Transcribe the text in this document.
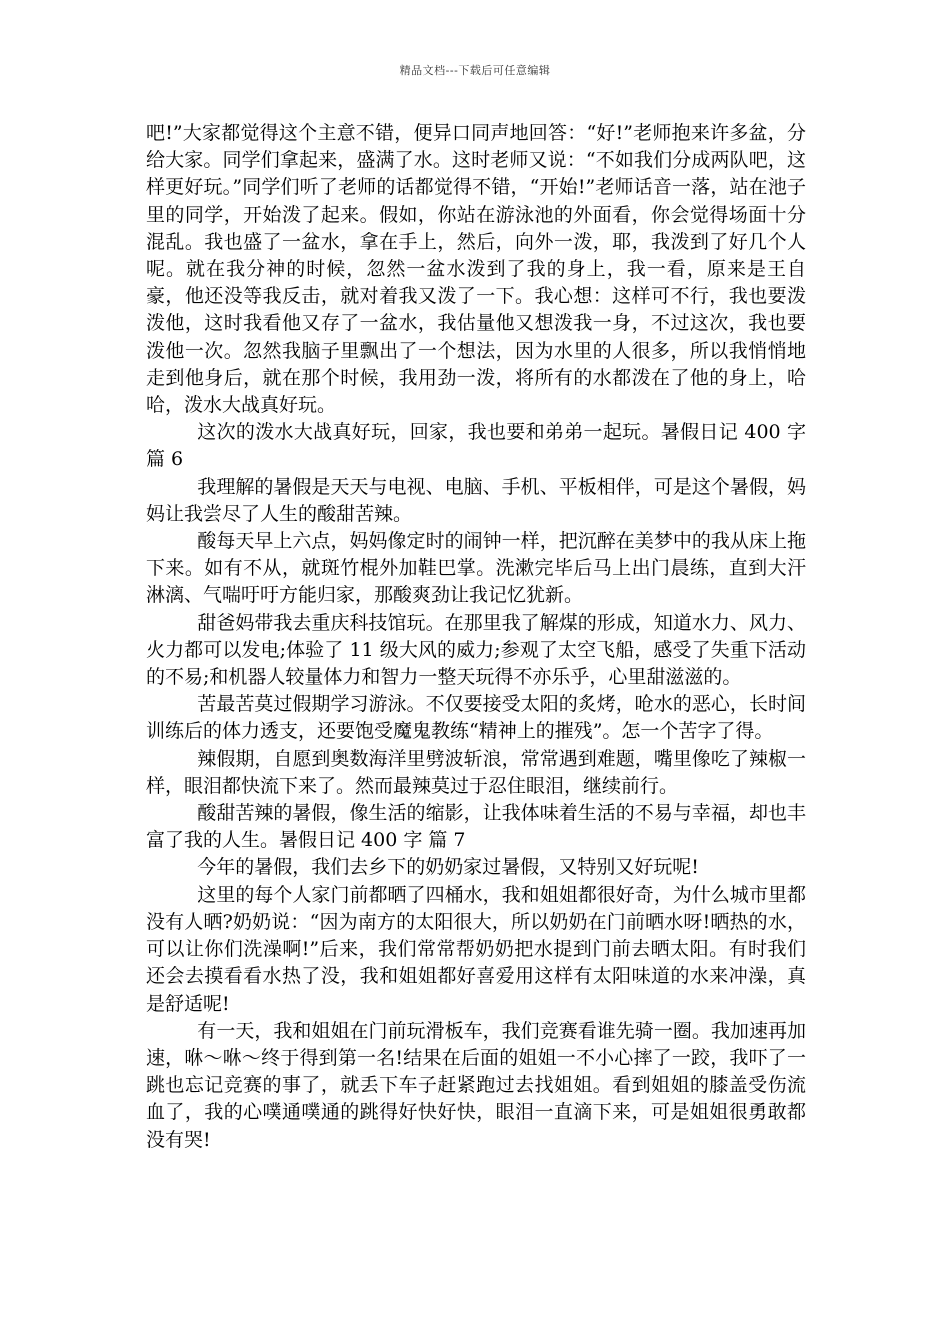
精品文档---下载后可任意编辑

吧!”大家都觉得这个主意不错，便异口同声地回答：“好!”老师抱来许多盆，分给大家。同学们拿起来，盛满了水。这时老师又说：“不如我们分成两队吧，这样更好玩。”同学们听了老师的话都觉得不错，“开始!”老师话音一落，站在池子里的同学，开始泼了起来。假如，你站在游泳池的外面看，你会觉得场面十分混乱。我也盛了一盆水，拿在手上，然后，向外一泼，耶，我泼到了好几个人呢。就在我分神的时候，忽然一盆水泼到了我的身上，我一看，原来是王自豪，他还没等我反击，就对着我又泼了一下。我心想：这样可不行，我也要泼泼他，这时我看他又存了一盆水，我估量他又想泼我一身，不过这次，我也要泼他一次。忽然我脑子里飘出了一个想法，因为水里的人很多，所以我悄悄地走到他身后，就在那个时候，我用劲一泼，将所有的水都泼在了他的身上，哈哈，泼水大战真好玩。

这次的泼水大战真好玩，回家，我也要和弟弟一起玩。暑假日记 400 字 篇 6

我理解的暑假是天天与电视、电脑、手机、平板相伴，可是这个暑假，妈妈让我尝尽了人生的酸甜苦辣。

酸每天早上六点，妈妈像定时的闹钟一样，把沉醉在美梦中的我从床上拖下来。如有不从，就斑竹棍外加鞋巴掌。洗漱完毕后马上出门晨练，直到大汗淋漓、气喘吁吁方能归家，那酸爽劲让我记忆犹新。

甜爸妈带我去重庆科技馆玩。在那里我了解煤的形成，知道水力、风力、火力都可以发电;体验了 11 级大风的威力;参观了太空飞船，感受了失重下活动的不易;和机器人较量体力和智力一整天玩得不亦乐乎，心里甜滋滋的。

苦最苦莫过假期学习游泳。不仅要接受太阳的炙烤，呛水的恶心，长时间训练后的体力透支，还要饱受魔鬼教练“精神上的摧残”。怎一个苦字了得。

辣假期，自愿到奥数海洋里劈波斩浪，常常遇到难题，嘴里像吃了辣椒一样，眼泪都快流下来了。然而最辣莫过于忍住眼泪，继续前行。

酸甜苦辣的暑假，像生活的缩影，让我体味着生活的不易与幸福，却也丰富了我的人生。暑假日记 400 字 篇 7

今年的暑假，我们去乡下的奶奶家过暑假，又特别又好玩呢!

这里的每个人家门前都晒了四桶水，我和姐姐都很好奇，为什么城市里都没有人晒?奶奶说：“因为南方的太阳很大，所以奶奶在门前晒水呀!晒热的水，可以让你们洗澡啊!”后来，我们常常帮奶奶把水提到门前去晒太阳。有时我们还会去摸看看水热了没，我和姐姐都好喜爱用这样有太阳味道的水来冲澡，真是舒适呢!

有一天，我和姐姐在门前玩滑板车，我们竞赛看谁先骑一圈。我加速再加速，咻～咻～终于得到第一名!结果在后面的姐姐一不小心摔了一跤，我吓了一跳也忘记竞赛的事了，就丢下车子赶紧跑过去找姐姐。看到姐姐的膝盖受伤流血了，我的心噗通噗通的跳得好快好快，眼泪一直滴下来，可是姐姐很勇敢都没有哭!
